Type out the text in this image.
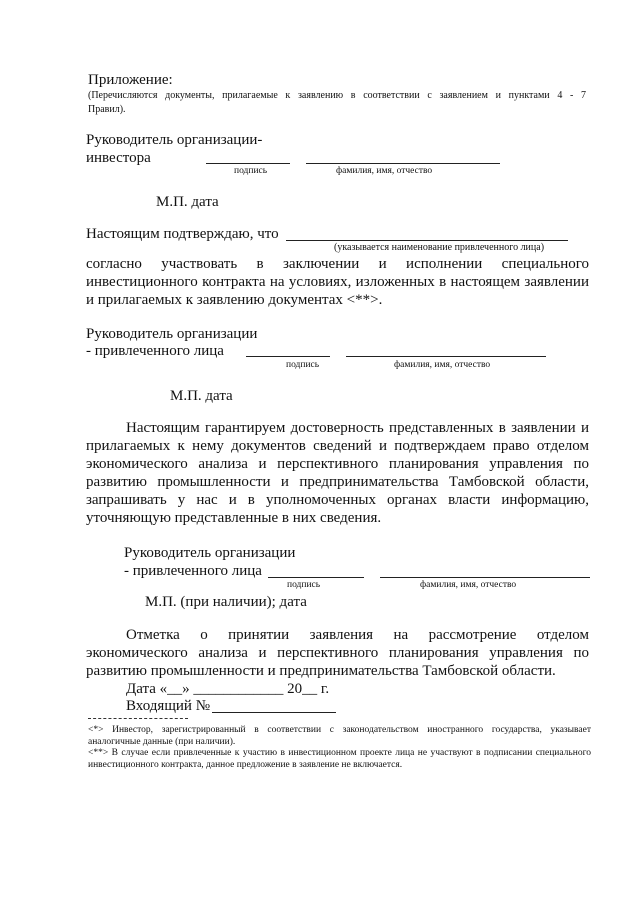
Приложение:
(Перечисляются документы, прилагаемые к заявлению в соответствии с заявлением и пунктами 4 - 7
Правил).
Руководитель организации-
инвестора
подпись	фамилия, имя, отчество
М.П. дата
Настоящим подтверждаю, что
(указывается наименование привлеченного лица)
согласно участвовать в заключении и исполнении специального
инвестиционного контракта на условиях, изложенных в настоящем заявлении
и прилагаемых к заявлению документах <**>.
Руководитель организации
- привлеченного лица
подпись	фамилия, имя, отчество
М.П. дата
Настоящим гарантируем достоверность представленных в заявлении и
прилагаемых к нему документов сведений и подтверждаем право отделом
экономического анализа и перспективного планирования управления по
развитию промышленности и предпринимательства Тамбовской области,
запрашивать у нас и в уполномоченных органах власти информацию,
уточняющую представленные в них сведения.
Руководитель организации
- привлеченного лица
подпись	фамилия, имя, отчество
М.П. (при наличии); дата
Отметка о принятии заявления на рассмотрение отделом
экономического анализа и перспективного планирования управления по
развитию промышленности и предпринимательства Тамбовской области.
Дата «__» ____________ 20__ г.
Входящий №
<*> Инвестор, зарегистрированный в соответствии с законодательством иностранного государства, указывает
аналогичные данные (при наличии).
<**> В случае если привлеченные к участию в инвестиционном проекте лица не участвуют в подписании специального
инвестиционного контракта, данное предложение в заявление не включается.
